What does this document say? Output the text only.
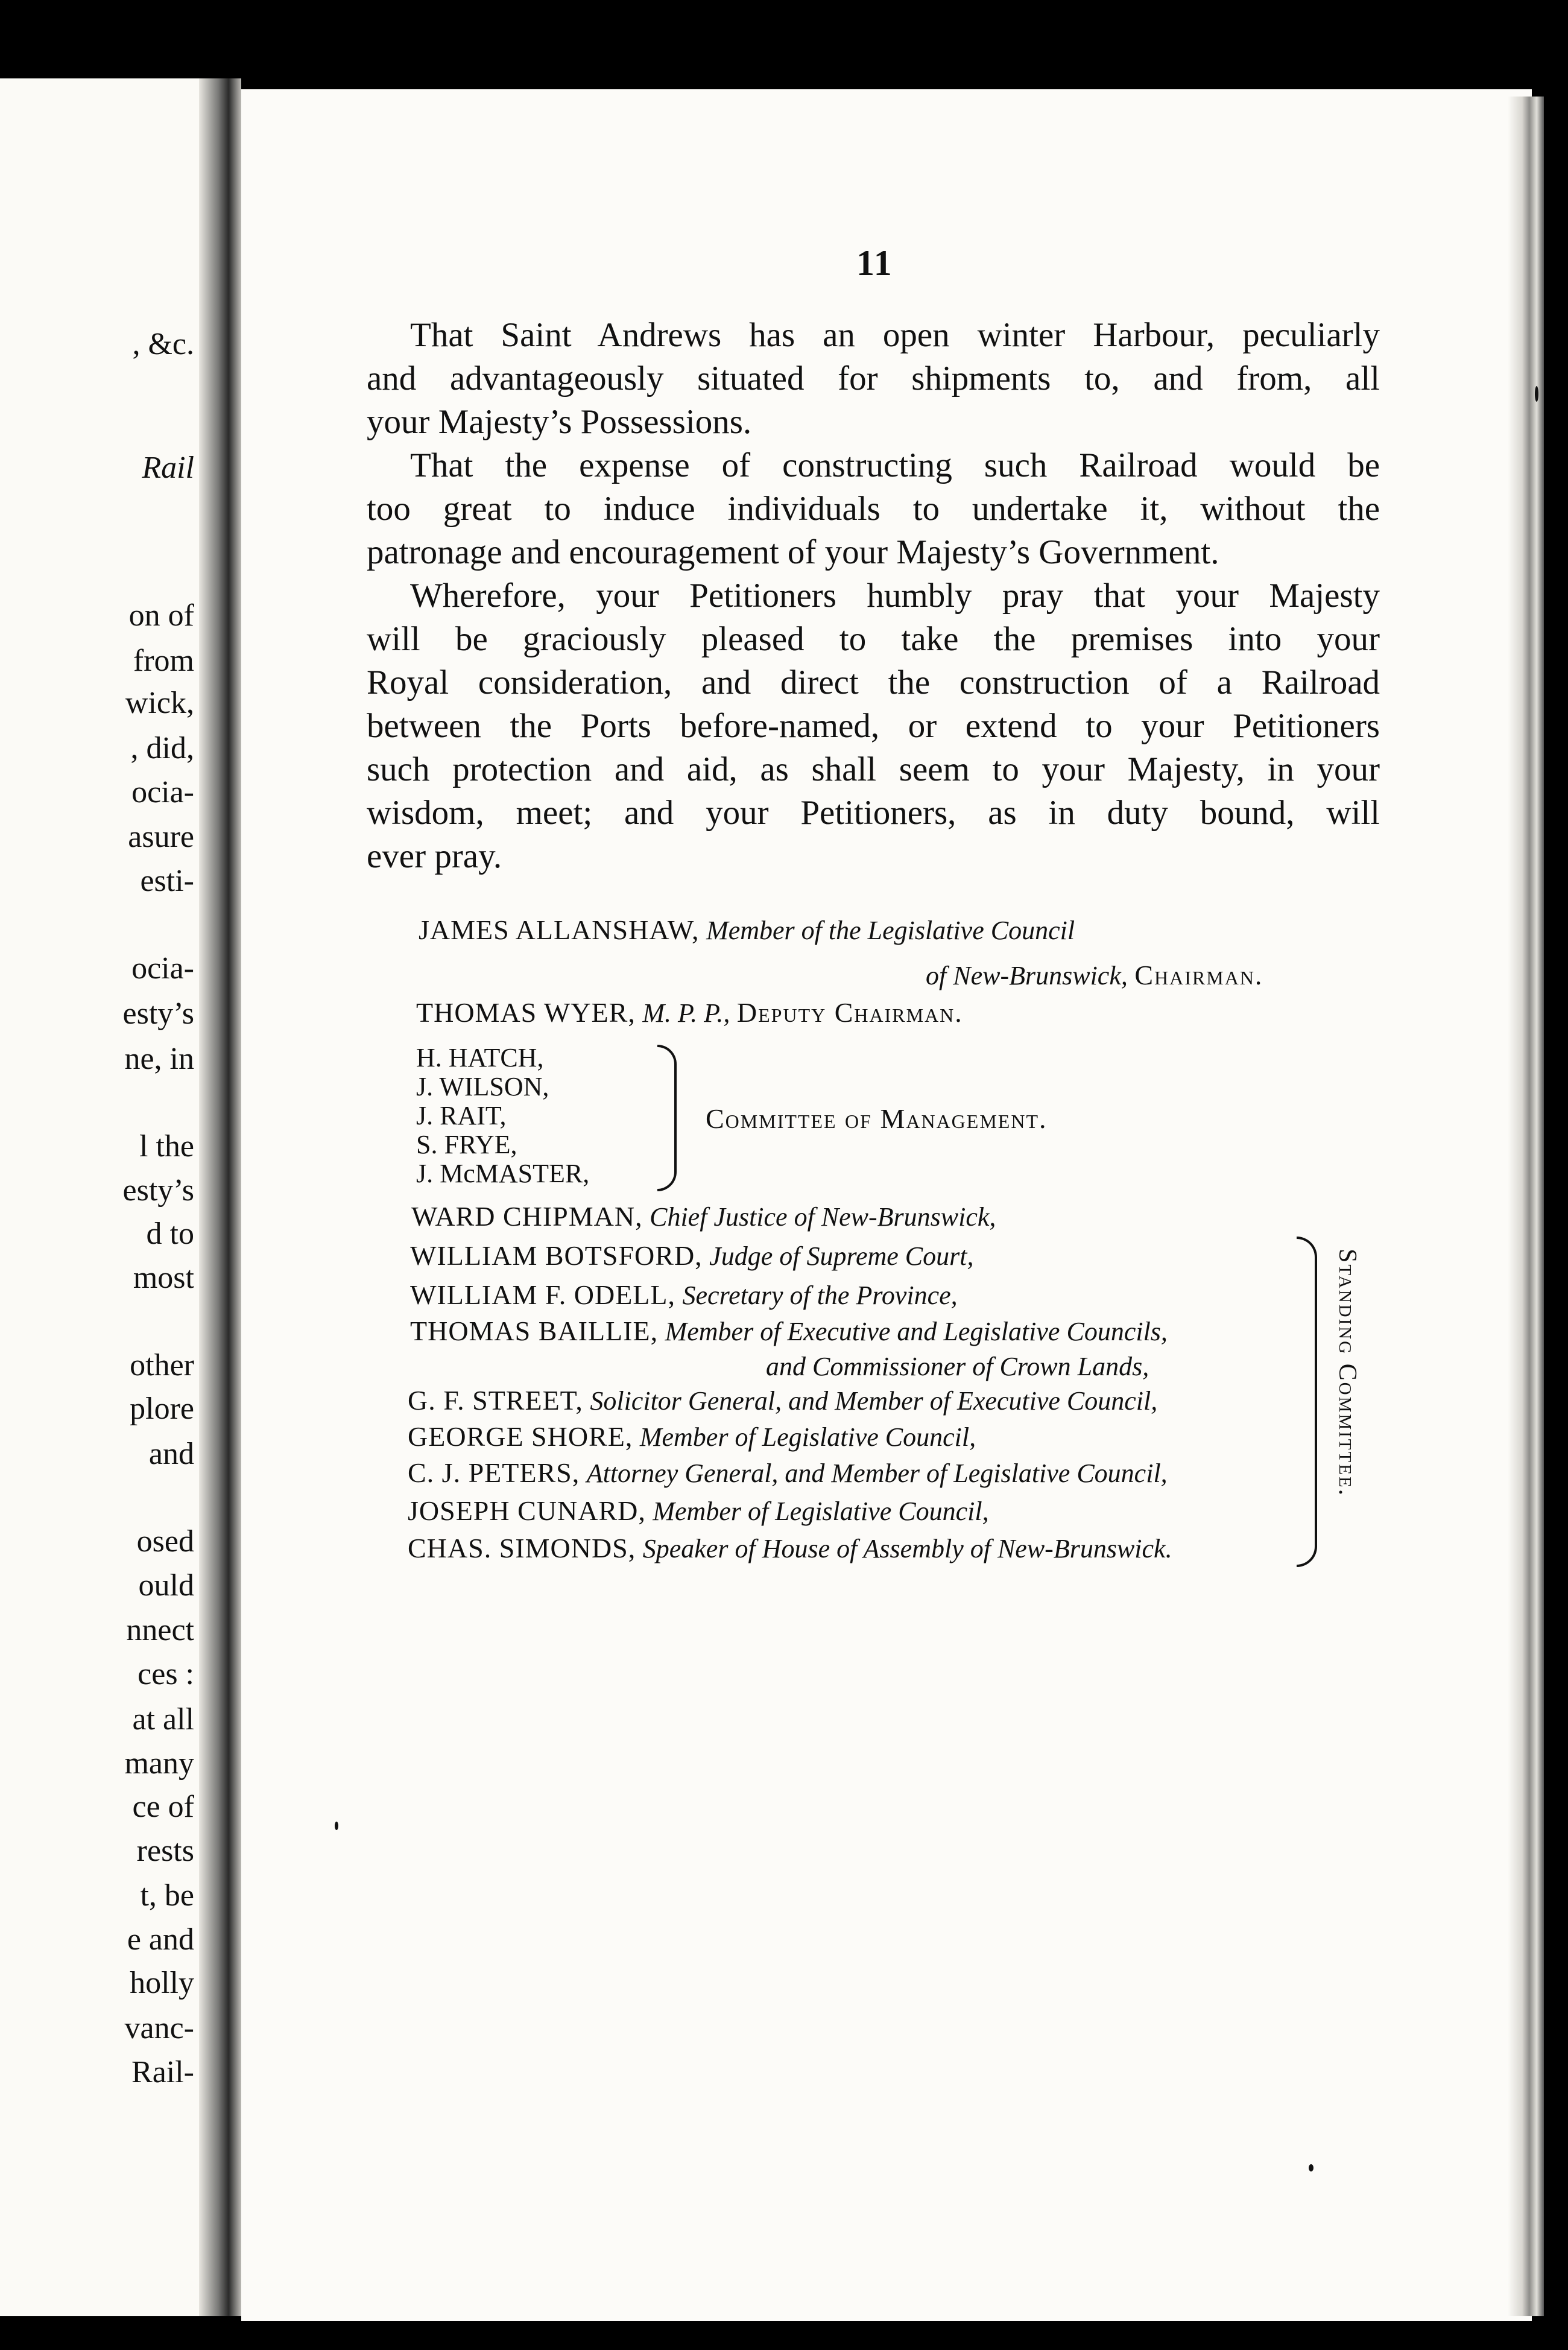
, &c.
Rail
on of
from
wick,
, did,
ocia-
asure
esti-
ocia-
esty’s
ne, in
l the
esty’s
d to
most
other
plore
and
osed
ould
nnect
ces :
at all
many
ce of
rests
t, be
e and
holly
vanc-
Rail-
11

That Saint Andrews has an open winter Harbour, peculiarly
and advantageously situated for shipments to, and from, all
your Majesty’s Possessions.

That the expense of constructing such Railroad would be
too great to induce individuals to undertake it, without the
patronage and encouragement of your Majesty’s Government.

Wherefore, your Petitioners humbly pray that your Majesty
will be graciously pleased to take the premises into your
Royal consideration, and direct the construction of a Railroad
between the Ports before-named, or extend to your Petitioners
such protection and aid, as shall seem to your Majesty, in your
wisdom, meet; and your Petitioners, as in duty bound, will
ever pray.

JAMES ALLANSHAW, Member of the Legislative Council
of New-Brunswick, Chairman.
THOMAS WYER, M. P. P., Deputy Chairman.
H. HATCH,
J. WILSON,
J. RAIT,
S. FRYE,
J. McMASTER,
Committee of Management.
WARD CHIPMAN, Chief Justice of New-Brunswick,
WILLIAM BOTSFORD, Judge of Supreme Court,
WILLIAM F. ODELL, Secretary of the Province,
THOMAS BAILLIE, Member of Executive and Legislative Councils,
and Commissioner of Crown Lands,
G. F. STREET, Solicitor General, and Member of Executive Council,
GEORGE SHORE, Member of Legislative Council,
C. J. PETERS, Attorney General, and Member of Legislative Council,
JOSEPH CUNARD, Member of Legislative Council,
CHAS. SIMONDS, Speaker of House of Assembly of New-Brunswick.
Standing Committee.
